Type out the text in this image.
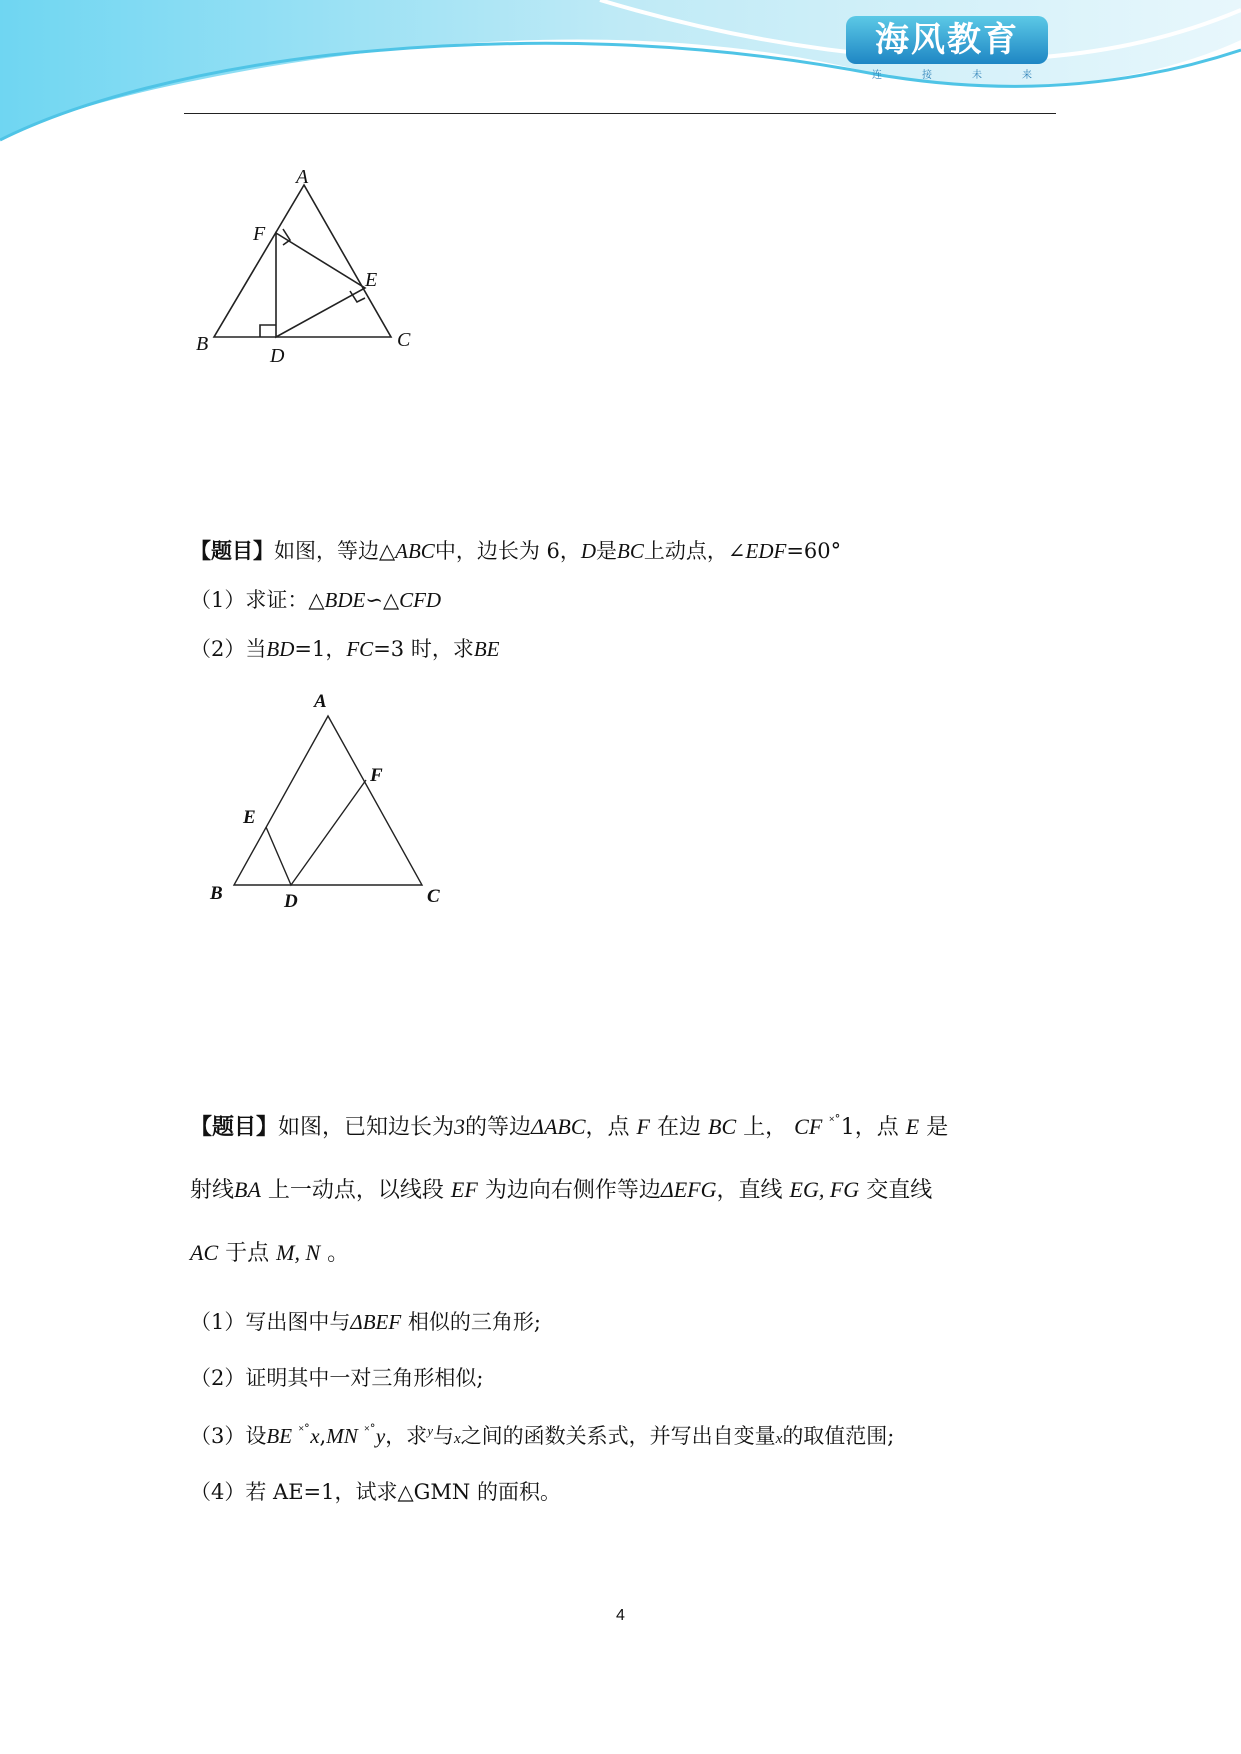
海风教育
连	接	未	来
A
B	C
D
E
F
【题目】如图，等边△ABC中，边长为 6，D是BC上动点，∠EDF=60°
（1）求证：△BDE∽△CFD
（2）当BD=1，FC=3 时，求BE
A
B	C
D
E
F
【题目】如图，已知边长为3的等边ΔABC，点 F 在边 BC 上， CF ˟˚1，点 E 是
射线BA 上一动点，以线段 EF 为边向右侧作等边ΔEFG，直线 EG, FG 交直线
AC 于点 M, N 。
（1）写出图中与ΔBEF 相似的三角形;
（2）证明其中一对三角形相似;
（3）设BE ˟˚x,MN ˟˚y，求$^y$与x之间的函数关系式，并写出自变量x的取值范围;
（4）若 AE=1，试求△GMN 的面积。
4
